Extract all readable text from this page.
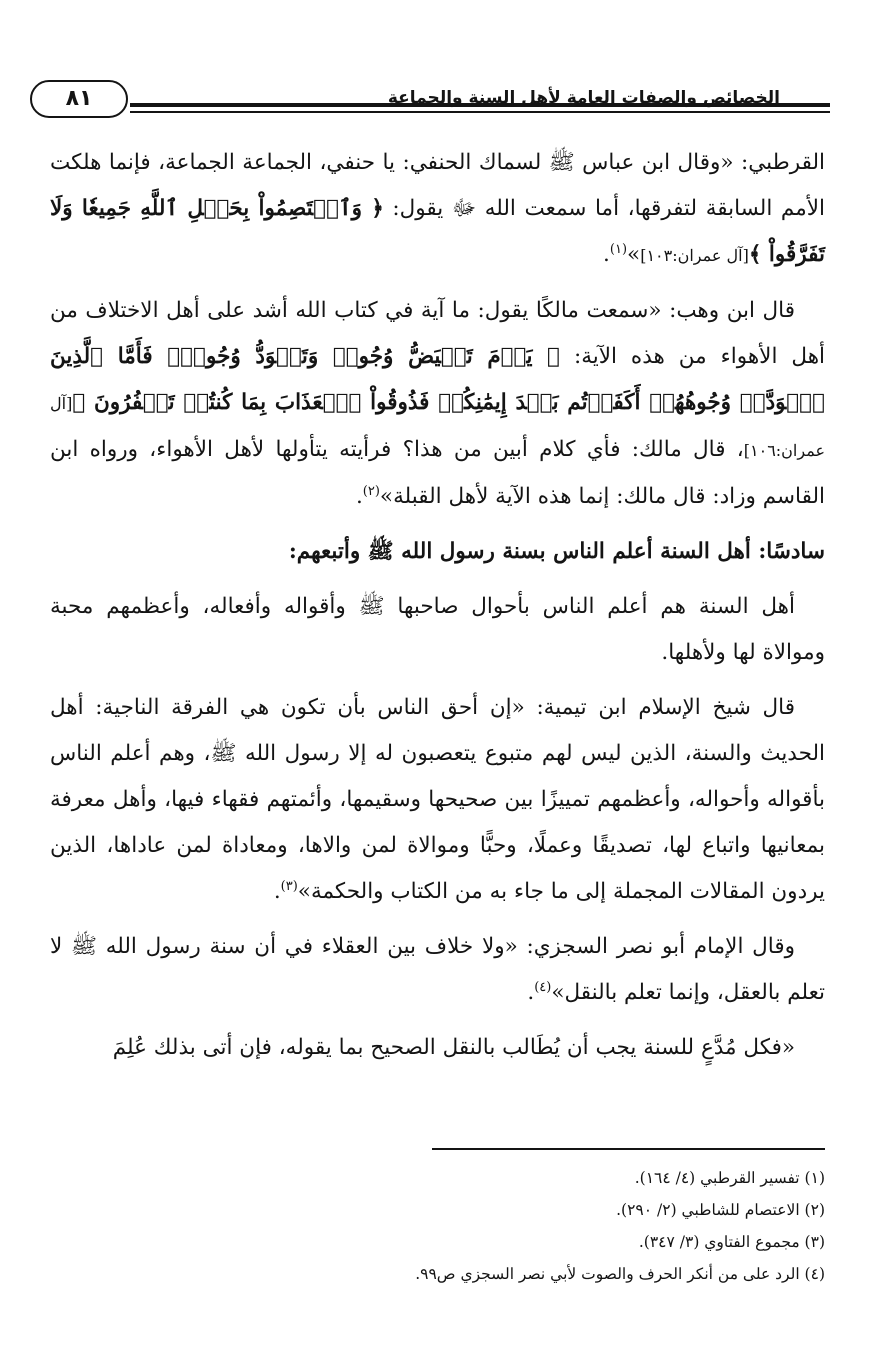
٨١	الخصائص والصفات العامة لأهل السنة والجماعة

القرطبي: «وقال ابن عباس ﷺ لسماك الحنفي: يا حنفي، الجماعة الجماعة، فإنما هلكت الأمم السابقة لتفرقها، أما سمعت الله ﷻ يقول: ﴿ وَٱعۡتَصِمُواْ بِحَبۡلِ ٱللَّهِ جَمِيعٗا وَلَا تَفَرَّقُواْ ﴾[آل عمران:١٠٣]»$^{(١)}$.

قال ابن وهب: «سمعت مالكًا يقول: ما آية في كتاب الله أشد على أهل الاختلاف من أهل الأهواء من هذه الآية: ﴿ يَوۡمَ تَبۡيَضُّ وُجُوهٞ وَتَسۡوَدُّ وُجُوهٞۚ فَأَمَّا ٱلَّذِينَ ٱسۡوَدَّتۡ وُجُوهُهُمۡ أَكَفَرۡتُم بَعۡدَ إِيمَٰنِكُمۡ فَذُوقُواْ ٱلۡعَذَابَ بِمَا كُنتُمۡ تَكۡفُرُونَ ﴾[آل عمران:١٠٦]، قال مالك: فأي كلام أبين من هذا؟ فرأيته يتأولها لأهل الأهواء، ورواه ابن القاسم وزاد: قال مالك: إنما هذه الآية لأهل القبلة»$^{(٢)}$.

سادسًا: أهل السنة أعلم الناس بسنة رسول الله ﷺ وأتبعهم:

أهل السنة هم أعلم الناس بأحوال صاحبها ﷺ وأقواله وأفعاله، وأعظمهم محبة وموالاة لها ولأهلها.

قال شيخ الإسلام ابن تيمية: «إن أحق الناس بأن تكون هي الفرقة الناجية: أهل الحديث والسنة، الذين ليس لهم متبوع يتعصبون له إلا رسول الله ﷺ، وهم أعلم الناس بأقواله وأحواله، وأعظمهم تمييزًا بين صحيحها وسقيمها، وأئمتهم فقهاء فيها، وأهل معرفة بمعانيها واتباع لها، تصديقًا وعملًا، وحبًّا وموالاة لمن والاها، ومعاداة لمن عاداها، الذين يردون المقالات المجملة إلى ما جاء به من الكتاب والحكمة»$^{(٣)}$.

وقال الإمام أبو نصر السجزي: «ولا خلاف بين العقلاء في أن سنة رسول الله ﷺ لا تعلم بالعقل، وإنما تعلم بالنقل»$^{(٤)}$.

«فكل مُدَّعٍ للسنة يجب أن يُطَالب بالنقل الصحيح بما يقوله، فإن أتى بذلك عُلِمَ

(١) تفسير القرطبي (٤/ ١٦٤).
(٢) الاعتصام للشاطبي (٢/ ٢٩٠).
(٣) مجموع الفتاوي (٣/ ٣٤٧).
(٤) الرد على من أنكر الحرف والصوت لأبي نصر السجزي ص٩٩.
